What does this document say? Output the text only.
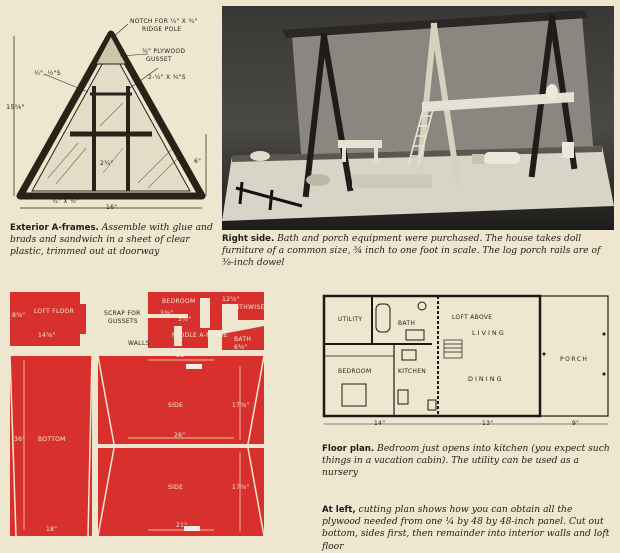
NOTCH FOR ¼" X ¾"
RIDGE POLE
¼" PLYWOOD
GUSSET
¼", ½"S
2-¼" X ¾"S
15⅝"
6"
2¼"
¼" X ½"
16"
Exterior A-frames. Assemble with glue and brads and sandwich in a sheet of clear plastic, trimmed out at doorway
Right side. Bath and porch equipment were purchased. The house takes doll furniture of a common size, ¾ inch to one foot in scale. The log porch rails are of ⅜-inch dowel
LOFT FLOOR
14⅝"
8⅜"	SCRAP FOR
GUSSETS
BEDROOM
3⅜"
12⅝"
LENGTHWISE
WALLS
MIDDLE A-FRAME
BATH
6⅜"
3½"
21"
SIDE	17⅝"
26"
SIDE	17⅝"
21"
BOTTOM
36"
18"
UTILITY
BATH
LOFT ABOVE
LIVING
PORCH
BEDROOM	KITCHEN
DINING
14"	13"	9"
Floor plan. Bedroom just opens into kitchen (you expect such things in a vacation cabin). The utility can be used as a nursery
At left, cutting plan shows how you can obtain all the plywood needed from one ¼ by 48 by 48-inch panel. Cut out bottom, sides first, then remainder into interior walls and loft floor
